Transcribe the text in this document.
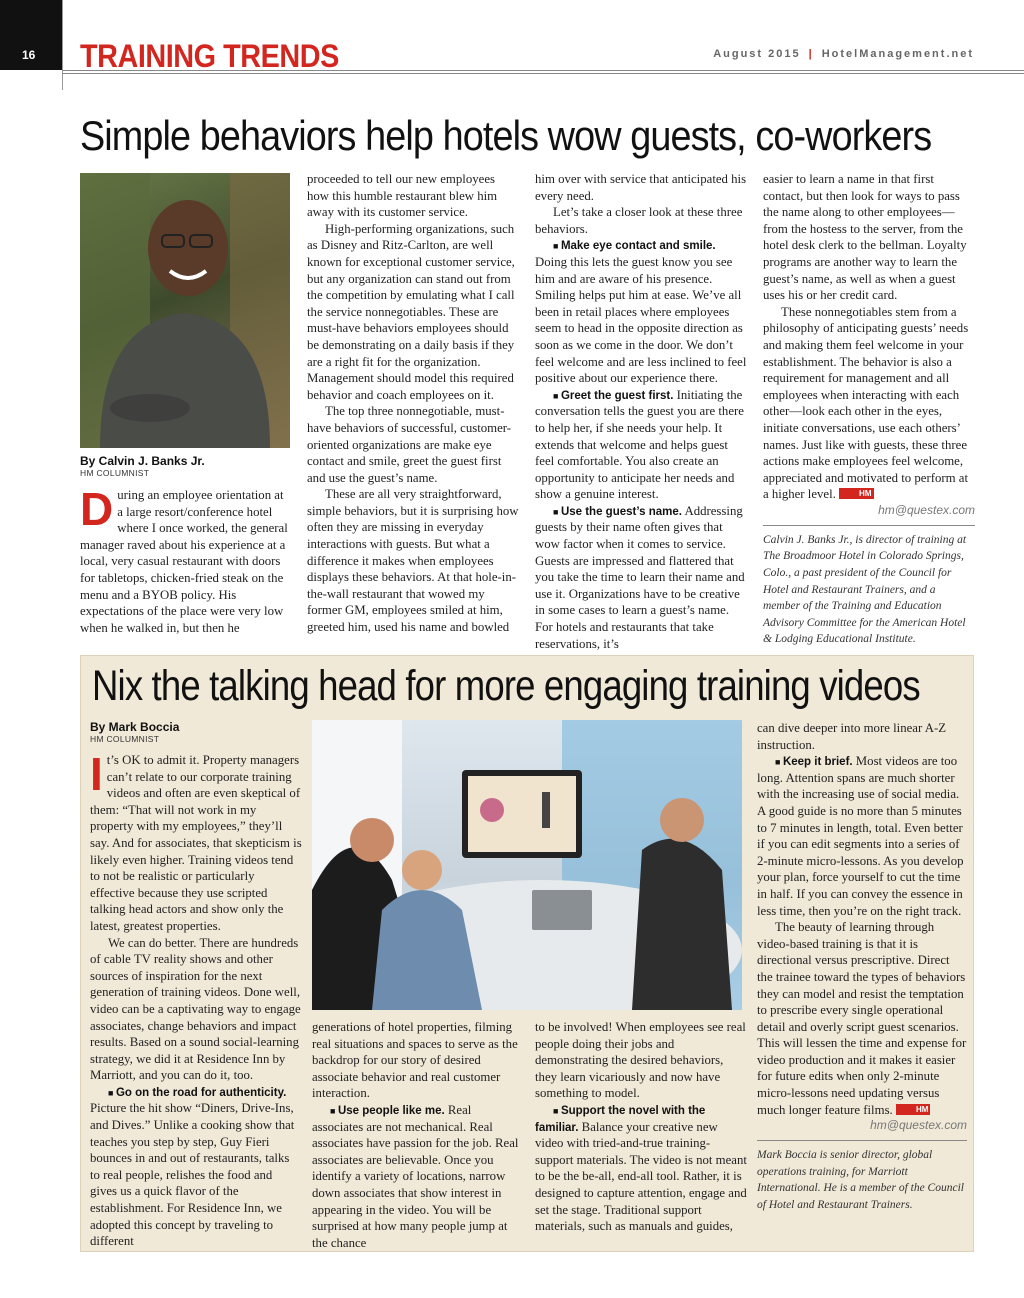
16	TRAINING TRENDS	August 2015 | HotelManagement.net
Simple behaviors help hotels wow guests, co-workers
By Calvin J. Banks Jr.
HM COLUMNIST
D uring an employee orientation at a large resort/conference hotel where I once worked, the general manager raved about his experience at a local, very casual restaurant with doors for tabletops, chicken-fried steak on the menu and a BYOB policy. His expectations of the place were very low when he walked in, but then he

proceeded to tell our new employees how this humble restaurant blew him away with its customer service.

High-performing organizations, such as Disney and Ritz-Carlton, are well known for exceptional customer service, but any organization can stand out from the competition by emulating what I call the service nonnegotiables. These are must-have behaviors employees should be demonstrating on a daily basis if they are a right fit for the organization. Management should model this required behavior and coach employees on it.

The top three nonnegotiable, must-have behaviors of successful, customer-oriented organizations are make eye contact and smile, greet the guest first and use the guest’s name.

These are all very straightforward, simple behaviors, but it is surprising how often they are missing in everyday interactions with guests. But what a difference it makes when employees displays these behaviors. At that hole-in-the-wall restaurant that wowed my former GM, employees smiled at him, greeted him, used his name and bowled

him over with service that anticipated his every need.

Let’s take a closer look at these three behaviors.

■ Make eye contact and smile. Doing this lets the guest know you see him and are aware of his presence. Smiling helps put him at ease. We’ve all been in retail places where employees seem to head in the opposite direction as soon as we come in the door. We don’t feel welcome and are less inclined to feel positive about our experience there.

■ Greet the guest first. Initiating the conversation tells the guest you are there to help her, if she needs your help. It extends that welcome and helps guest feel comfortable. You also create an opportunity to anticipate her needs and show a genuine interest.

■ Use the guest’s name. Addressing guests by their name often gives that wow factor when it comes to service. Guests are impressed and flattered that you take the time to learn their name and use it. Organizations have to be creative in some cases to learn a guest’s name. For hotels and restaurants that take reservations, it’s

easier to learn a name in that first contact, but then look for ways to pass the name along to other employees—from the hostess to the server, from the hotel desk clerk to the bellman. Loyalty programs are another way to learn the guest’s name, as well as when a guest uses his or her credit card.

These nonnegotiables stem from a philosophy of anticipating guests’ needs and making them feel welcome in your establishment. The behavior is also a requirement for management and all employees when interacting with each other—look each other in the eyes, initiate conversations, use each others’ names. Just like with guests, these three actions make employees feel welcome, appreciated and motivated to perform at a higher level.	HM

hm@questex.com
Calvin J. Banks Jr., is director of training at The Broadmoor Hotel in Colorado Springs, Colo., a past president of the Council for Hotel and Restaurant Trainers, and a member of the Training and Education Advisory Committee for the American Hotel & Lodging Educational Institute.
Nix the talking head for more engaging training videos
By Mark Boccia
HM COLUMNIST
I t’s OK to admit it. Property managers can’t relate to our corporate training videos and often are even skeptical of them: “That will not work in my property with my employees,” they’ll say. And for associates, that skepticism is likely even higher. Training videos tend to not be realistic or particularly effective because they use scripted talking head actors and show only the latest, greatest properties.

We can do better. There are hundreds of cable TV reality shows and other sources of inspiration for the next generation of training videos. Done well, video can be a captivating way to engage associates, change behaviors and impact results. Based on a sound social-learning strategy, we did it at Residence Inn by Marriott, and you can do it, too.

■ Go on the road for authenticity.

Picture the hit show “Diners, Drive-Ins, and Dives.” Unlike a cooking show that teaches you step by step, Guy Fieri bounces in and out of restaurants, talks to real people, relishes the food and gives us a quick flavor of the establishment. For Residence Inn, we adopted this concept by traveling to different

generations of hotel properties, filming real situations and spaces to serve as the backdrop for our story of desired associate behavior and real customer interaction.

■ Use people like me. Real associates are not mechanical. Real associates have passion for the job. Real associates are believable. Once you identify a variety of locations, narrow down associates that show interest in appearing in the video. You will be surprised at how many people jump at the chance

to be involved! When employees see real people doing their jobs and demonstrating the desired behaviors, they learn vicariously and now have something to model.

■ Support the novel with the familiar. Balance your creative new video with tried-and-true training-support materials. The video is not meant to be the be-all, end-all tool. Rather, it is designed to capture attention, engage and set the stage. Traditional support materials, such as manuals and guides,

can dive deeper into more linear A-Z instruction.

■ Keep it brief. Most videos are too long. Attention spans are much shorter with the increasing use of social media. A good guide is no more than 5 minutes to 7 minutes in length, total. Even better if you can edit segments into a series of 2-minute micro-lessons. As you develop your plan, force yourself to cut the time in half. If you can convey the essence in less time, then you’re on the right track.

The beauty of learning through video-based training is that it is directional versus prescriptive. Direct the trainee toward the types of behaviors they can model and resist the temptation to prescribe every single operational detail and overly script guest scenarios. This will lessen the time and expense for video production and it makes it easier for future edits when only 2-minute micro-lessons need updating versus much longer feature films.	HM

hm@questex.com
Mark Boccia is senior director, global operations training, for Marriott International. He is a member of the Council of Hotel and Restaurant Trainers.
